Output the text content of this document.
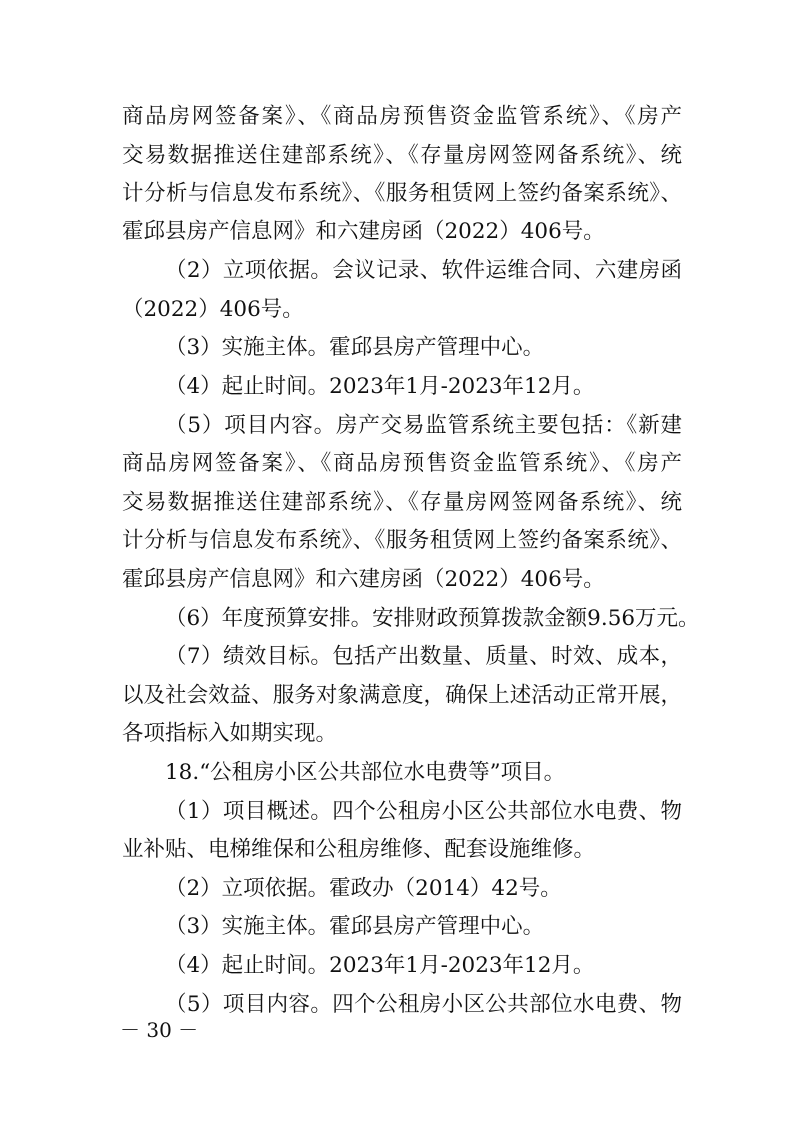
商品房网签备案》、《商品房预售资金监管系统》、《房产
交易数据推送住建部系统》、《存量房网签网备系统》、统
计分析与信息发布系统》、《服务租赁网上签约备案系统》、
霍邱县房产信息网》和六建房函（2022）406号。
（2）立项依据。会议记录、软件运维合同、六建房函
（2022）406号。
（3）实施主体。霍邱县房产管理中心。
（4）起止时间。2023年1月-2023年12月。
（5）项目内容。房产交易监管系统主要包括：《新建
商品房网签备案》、《商品房预售资金监管系统》、《房产
交易数据推送住建部系统》、《存量房网签网备系统》、统
计分析与信息发布系统》、《服务租赁网上签约备案系统》、
霍邱县房产信息网》和六建房函（2022）406号。
（6）年度预算安排。安排财政预算拨款金额9.56万元。
（7）绩效目标。包括产出数量、质量、时效、成本，
以及社会效益、服务对象满意度，确保上述活动正常开展，
各项指标入如期实现。
18.“公租房小区公共部位水电费等”项目。
（1）项目概述。四个公租房小区公共部位水电费、物
业补贴、电梯维保和公租房维修、配套设施维修。
（2）立项依据。霍政办（2014）42号。
（3）实施主体。霍邱县房产管理中心。
（4）起止时间。2023年1月-2023年12月。
（5）项目内容。四个公租房小区公共部位水电费、物
－ 30 －
